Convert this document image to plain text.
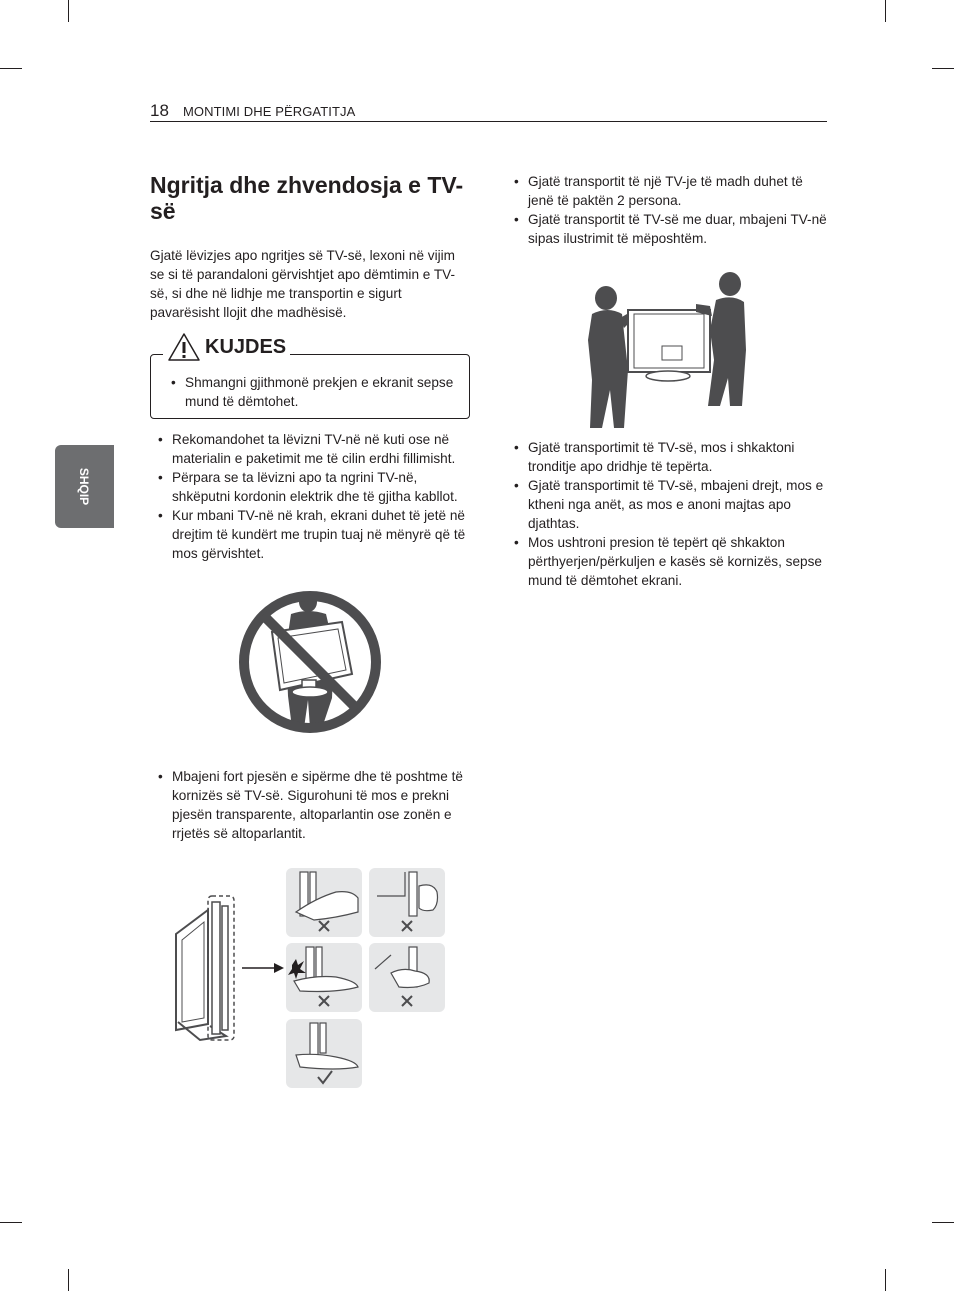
18 MONTIMI DHE PËRGATITJA
SHQIP
Ngritja dhe zhvendosja e TV-së

Gjatë lëvizjes apo ngritjes së TV-së, lexoni në vijim se si të parandaloni gërvishtjet apo dëmtimin e TV-së, si dhe në lidhje me transportin e sigurt pavarësisht llojit dhe madhësisë.

KUJDES
• Shmangni gjithmonë prekjen e ekranit sepse mund të dëmtohet.
• Rekomandohet ta lëvizni TV-në në kuti ose në materialin e paketimit me të cilin erdhi fillimisht.
• Përpara se ta lëvizni apo ta ngrini TV-në, shkëputni kordonin elektrik dhe të gjitha kabllot.
• Kur mbani TV-në në krah, ekrani duhet të jetë në drejtim të kundërt me trupin tuaj në mënyrë që të mos gërvishtet.
• Mbajeni fort pjesën e sipërme dhe të poshtme të kornizës së TV-së. Sigurohuni të mos e prekni pjesën transparente, altoparlantin ose zonën e rrjetës së altoparlantit.
• Gjatë transportit të një TV-je të madh duhet të jenë të paktën 2 persona.
• Gjatë transportit të TV-së me duar, mbajeni TV-në sipas ilustrimit të mëposhtëm.
• Gjatë transportimit të TV-së, mos i shkaktoni tronditje apo dridhje të tepërta.
• Gjatë transportimit të TV-së, mbajeni drejt, mos e ktheni nga anët, as mos e anoni majtas apo djathtas.
• Mos ushtroni presion të tepërt që shkakton përthyerjen/përkuljen e kasës së kornizës, sepse mund të dëmtohet ekrani.
